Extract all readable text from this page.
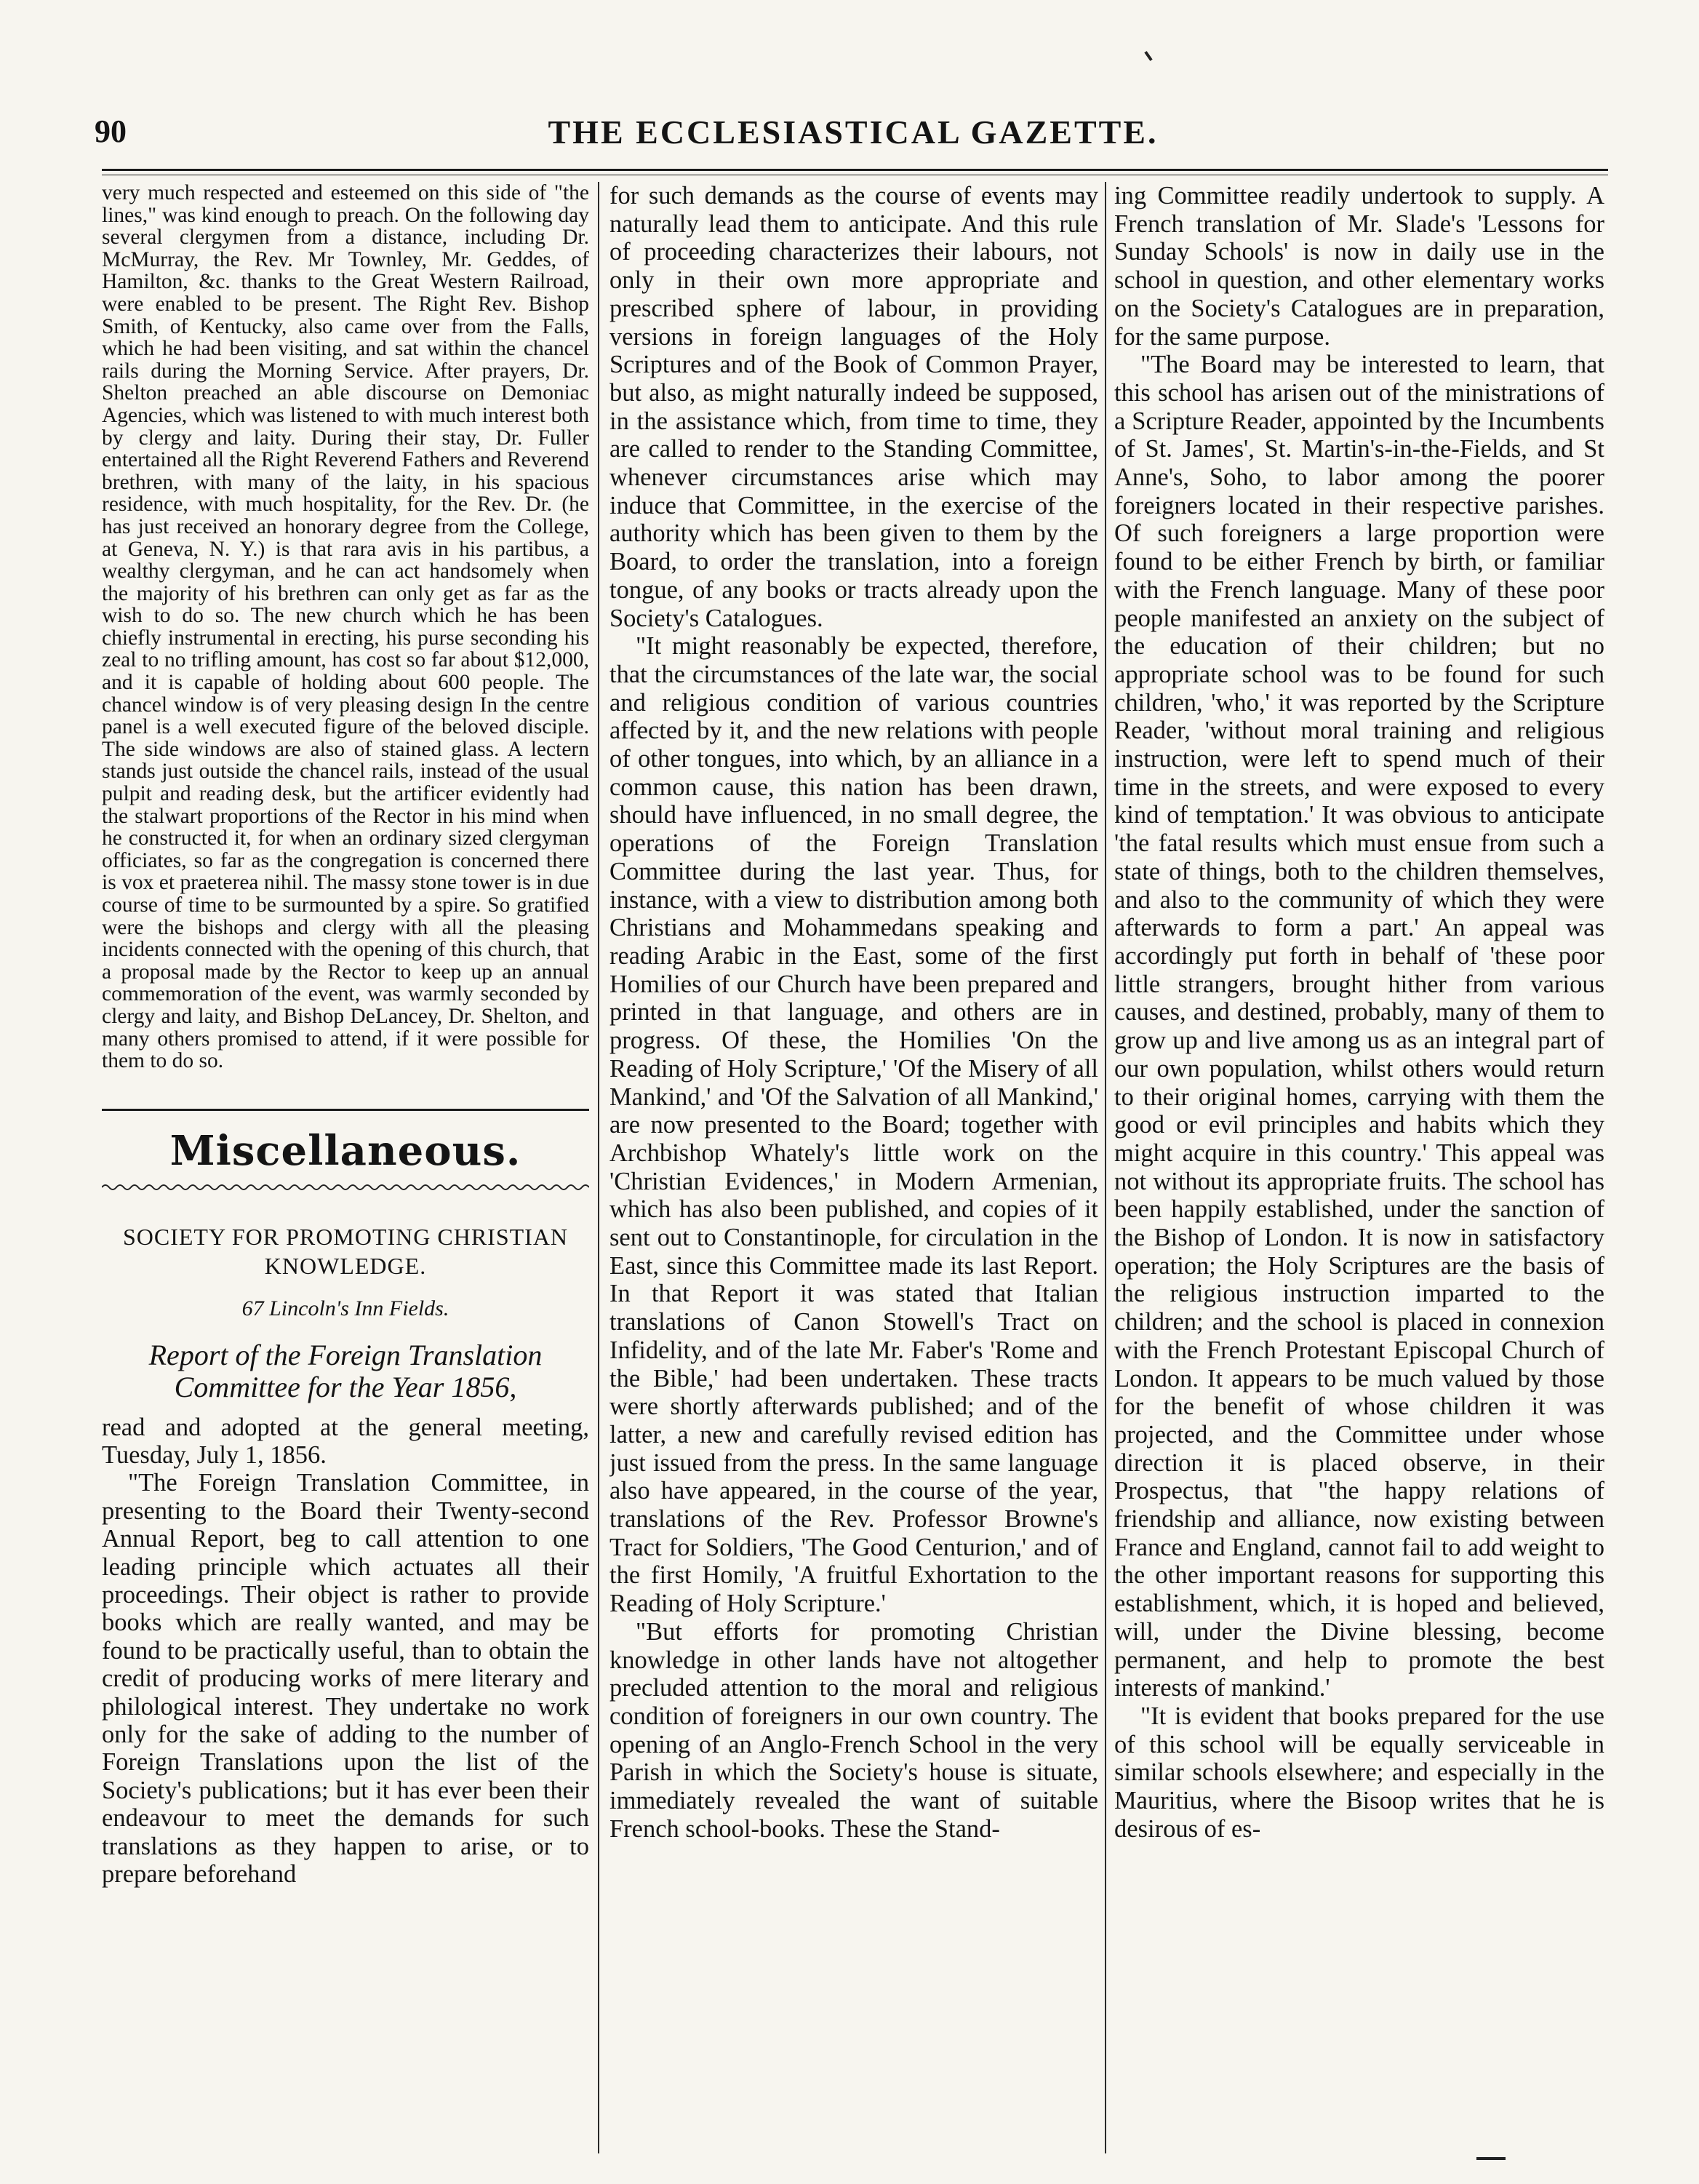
90	THE ECCLESIASTICAL GAZETTE.

very much respected and esteemed on this side of "the lines," was kind enough to preach. On the following day several clergymen from a distance, including Dr. McMurray, the Rev. Mr Townley, Mr. Geddes, of Hamilton, &c. thanks to the Great Western Railroad, were enabled to be present. The Right Rev. Bishop Smith, of Kentucky, also came over from the Falls, which he had been visiting, and sat within the chancel rails during the Morning Service. After prayers, Dr. Shelton preached an able discourse on Demoniac Agencies, which was listened to with much interest both by clergy and laity. During their stay, Dr. Fuller entertained all the Right Reverend Fathers and Reverend brethren, with many of the laity, in his spacious residence, with much hospitality, for the Rev. Dr. (he has just received an honorary degree from the College, at Geneva, N. Y.) is that rara avis in his partibus, a wealthy clergyman, and he can act handsomely when the majority of his brethren can only get as far as the wish to do so. The new church which he has been chiefly instrumental in erecting, his purse seconding his zeal to no trifling amount, has cost so far about $12,000, and it is capable of holding about 600 people. The chancel window is of very pleasing design In the centre panel is a well executed figure of the beloved disciple. The side windows are also of stained glass. A lectern stands just outside the chancel rails, instead of the usual pulpit and reading desk, but the artificer evidently had the stalwart proportions of the Rector in his mind when he constructed it, for when an ordinary sized clergyman officiates, so far as the congregation is concerned there is vox et praeterea nihil. The massy stone tower is in due course of time to be surmounted by a spire. So gratified were the bishops and clergy with all the pleasing incidents connected with the opening of this church, that a proposal made by the Rector to keep up an annual commemoration of the event, was warmly seconded by clergy and laity, and Bishop DeLancey, Dr. Shelton, and many others promised to attend, if it were possible for them to do so.

Miscellaneous.
SOCIETY FOR PROMOTING CHRISTIAN KNOWLEDGE.
67 Lincoln's Inn Fields.
Report of the Foreign Translation Committee for the Year 1856,

read and adopted at the general meeting, Tuesday, July 1, 1856.

"The Foreign Translation Committee, in presenting to the Board their Twenty-second Annual Report, beg to call attention to one leading principle which actuates all their proceedings. Their object is rather to provide books which are really wanted, and may be found to be practically useful, than to obtain the credit of producing works of mere literary and philological interest. They undertake no work only for the sake of adding to the number of Foreign Translations upon the list of the Society's publications; but it has ever been their endeavour to meet the demands for such translations as they happen to arise, or to prepare beforehand

for such demands as the course of events may naturally lead them to anticipate. And this rule of proceeding characterizes their labours, not only in their own more appropriate and prescribed sphere of labour, in providing versions in foreign languages of the Holy Scriptures and of the Book of Common Prayer, but also, as might naturally indeed be supposed, in the assistance which, from time to time, they are called to render to the Standing Committee, whenever circumstances arise which may induce that Committee, in the exercise of the authority which has been given to them by the Board, to order the translation, into a foreign tongue, of any books or tracts already upon the Society's Catalogues.

"It might reasonably be expected, therefore, that the circumstances of the late war, the social and religious condition of various countries affected by it, and the new relations with people of other tongues, into which, by an alliance in a common cause, this nation has been drawn, should have influenced, in no small degree, the operations of the Foreign Translation Committee during the last year. Thus, for instance, with a view to distribution among both Christians and Mohammedans speaking and reading Arabic in the East, some of the first Homilies of our Church have been prepared and printed in that language, and others are in progress. Of these, the Homilies 'On the Reading of Holy Scripture,' 'Of the Misery of all Mankind,' and 'Of the Salvation of all Mankind,' are now presented to the Board; together with Archbishop Whately's little work on the 'Christian Evidences,' in Modern Armenian, which has also been published, and copies of it sent out to Constantinople, for circulation in the East, since this Committee made its last Report. In that Report it was stated that Italian translations of Canon Stowell's Tract on Infidelity, and of the late Mr. Faber's 'Rome and the Bible,' had been undertaken. These tracts were shortly afterwards published; and of the latter, a new and carefully revised edition has just issued from the press. In the same language also have appeared, in the course of the year, translations of the Rev. Professor Browne's Tract for Soldiers, 'The Good Centurion,' and of the first Homily, 'A fruitful Exhortation to the Reading of Holy Scripture.'

"But efforts for promoting Christian knowledge in other lands have not altogether precluded attention to the moral and religious condition of foreigners in our own country. The opening of an Anglo-French School in the very Parish in which the Society's house is situate, immediately revealed the want of suitable French school-books. These the Stand-

ing Committee readily undertook to supply. A French translation of Mr. Slade's 'Lessons for Sunday Schools' is now in daily use in the school in question, and other elementary works on the Society's Catalogues are in preparation, for the same purpose.

"The Board may be interested to learn, that this school has arisen out of the ministrations of a Scripture Reader, appointed by the Incumbents of St. James', St. Martin's-in-the-Fields, and St Anne's, Soho, to labor among the poorer foreigners located in their respective parishes. Of such foreigners a large proportion were found to be either French by birth, or familiar with the French language. Many of these poor people manifested an anxiety on the subject of the education of their children; but no appropriate school was to be found for such children, 'who,' it was reported by the Scripture Reader, 'without moral training and religious instruction, were left to spend much of their time in the streets, and were exposed to every kind of temptation.' It was obvious to anticipate 'the fatal results which must ensue from such a state of things, both to the children themselves, and also to the community of which they were afterwards to form a part.' An appeal was accordingly put forth in behalf of 'these poor little strangers, brought hither from various causes, and destined, probably, many of them to grow up and live among us as an integral part of our own population, whilst others would return to their original homes, carrying with them the good or evil principles and habits which they might acquire in this country.' This appeal was not without its appropriate fruits. The school has been happily established, under the sanction of the Bishop of London. It is now in satisfactory operation; the Holy Scriptures are the basis of the religious instruction imparted to the children; and the school is placed in connexion with the French Protestant Episcopal Church of London. It appears to be much valued by those for the benefit of whose children it was projected, and the Committee under whose direction it is placed observe, in their Prospectus, that "the happy relations of friendship and alliance, now existing between France and England, cannot fail to add weight to the other important reasons for supporting this establishment, which, it is hoped and believed, will, under the Divine blessing, become permanent, and help to promote the best interests of mankind.'

"It is evident that books prepared for the use of this school will be equally serviceable in similar schools elsewhere; and especially in the Mauritius, where the Bisoop writes that he is desirous of es-
